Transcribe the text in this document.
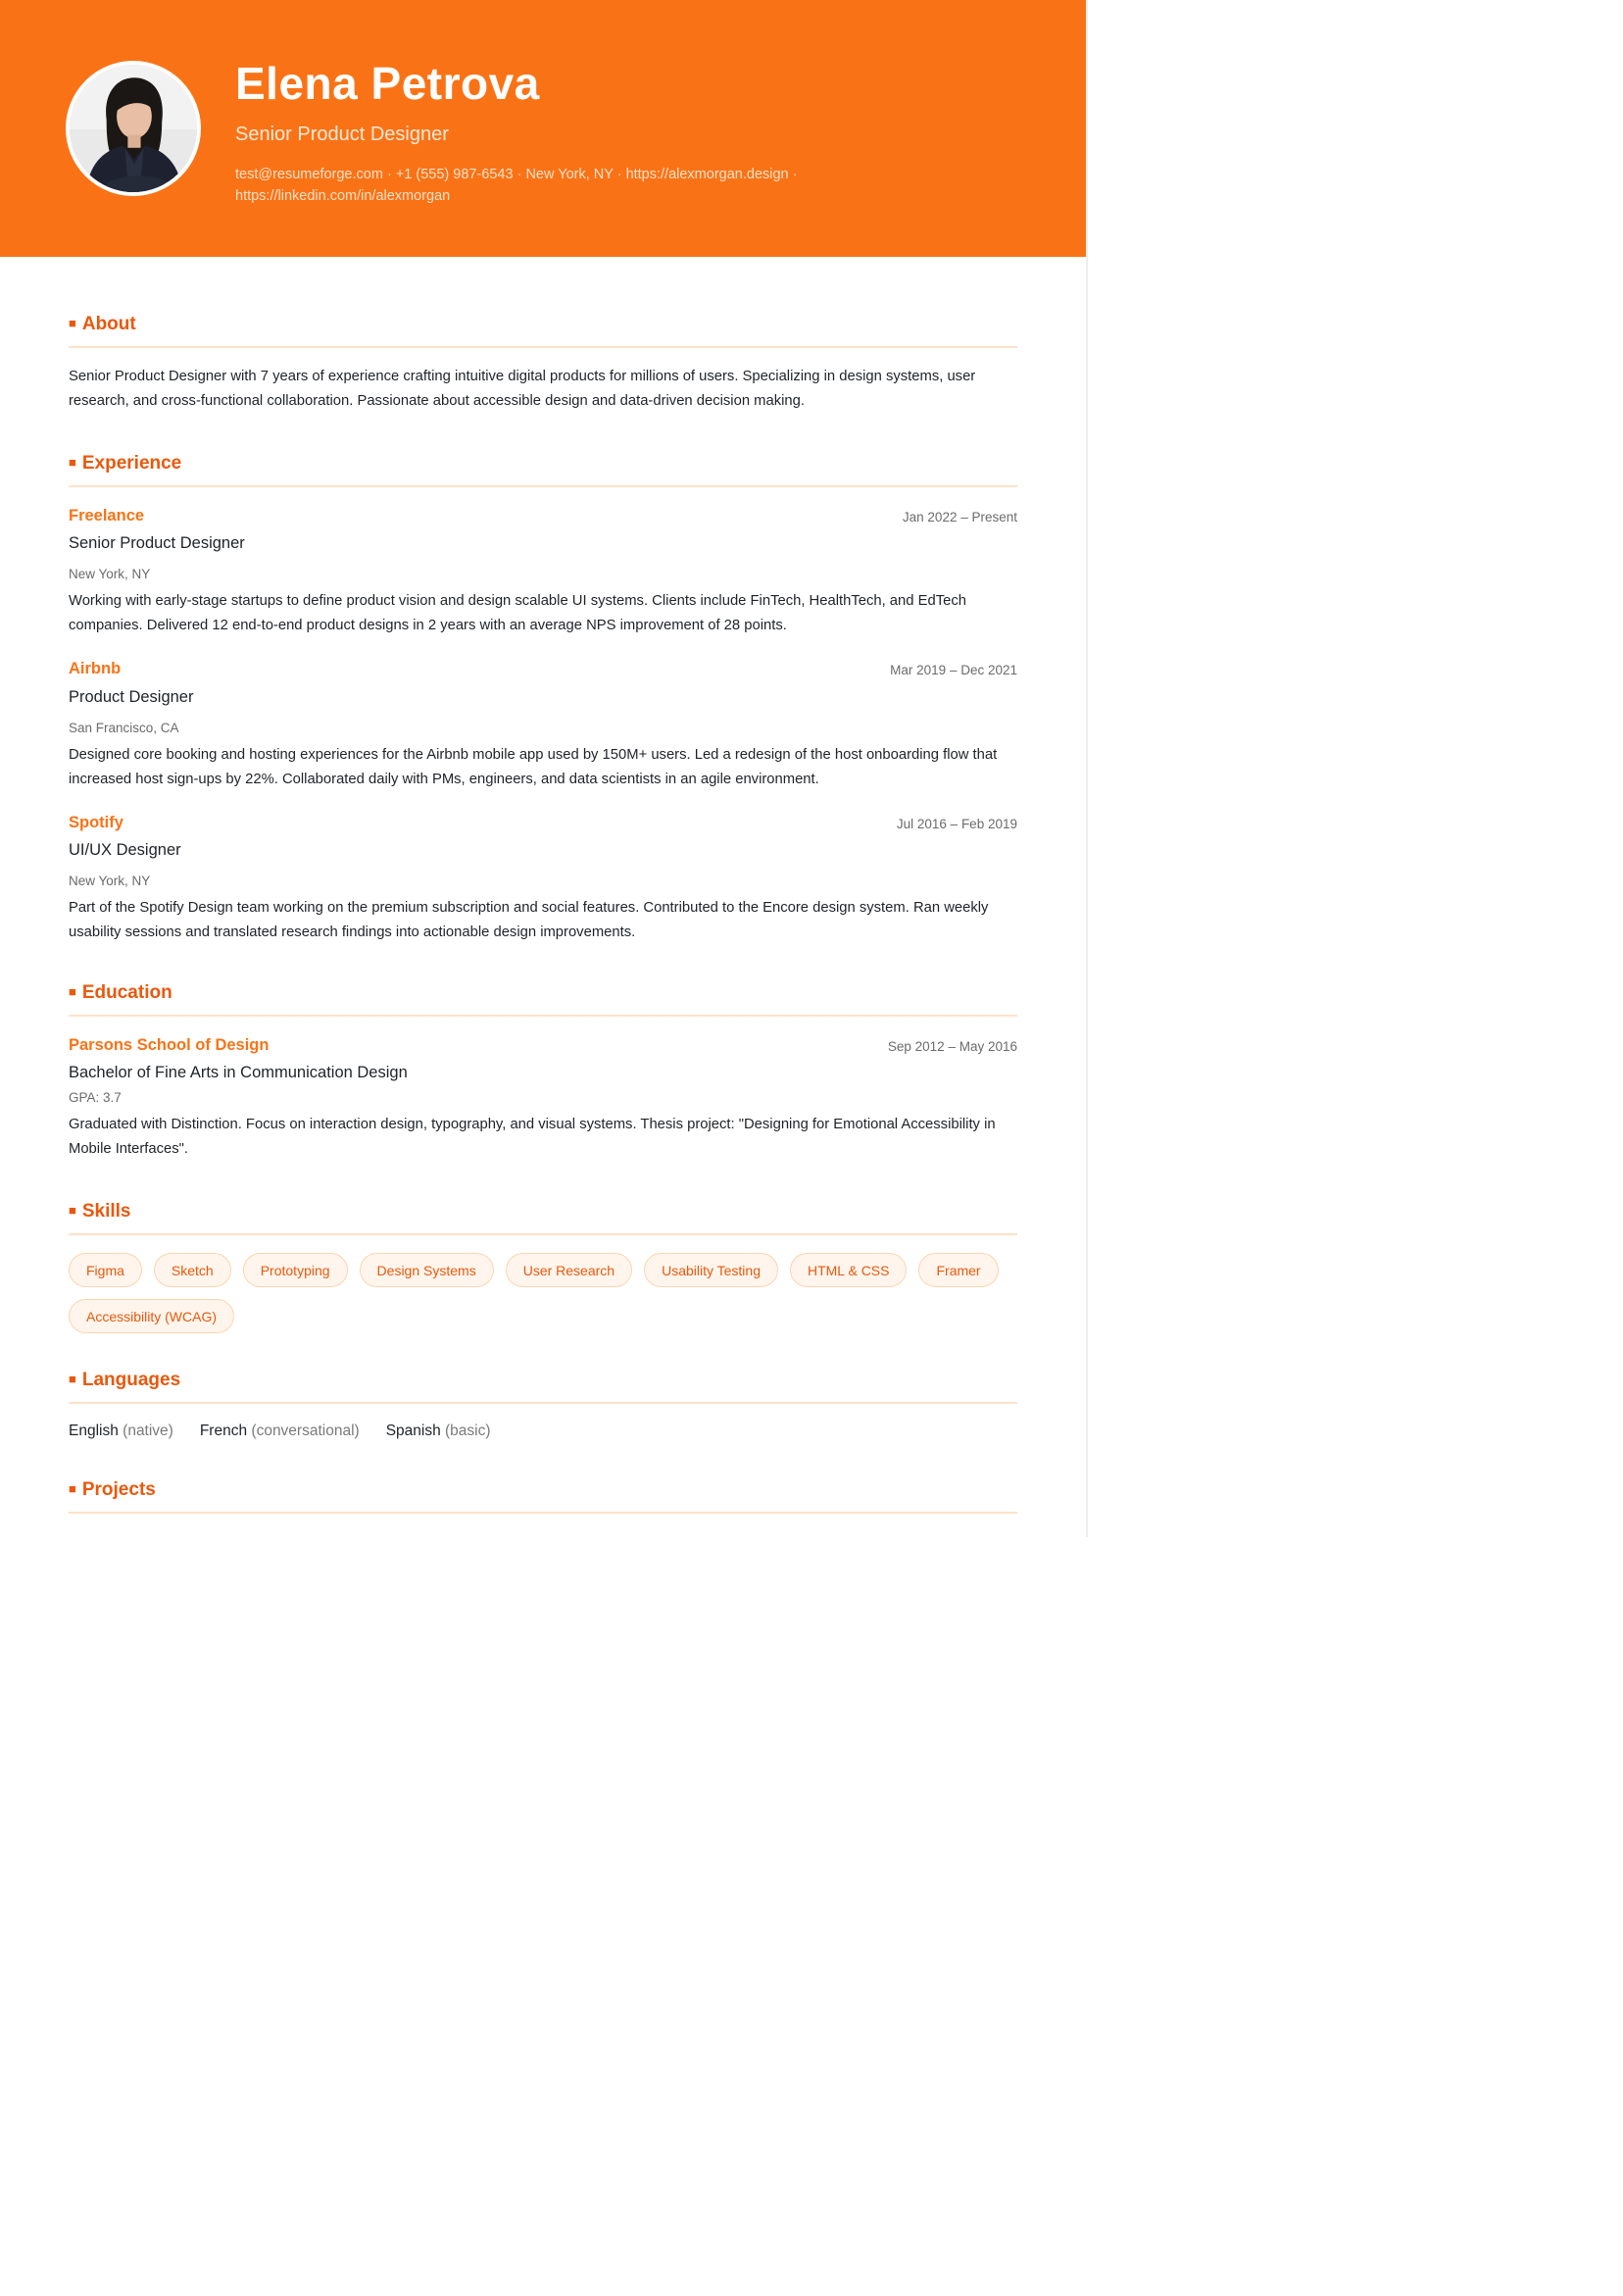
Elena Petrova
Senior Product Designer
test@resumeforge.com · +1 (555) 987-6543 · New York, NY · https://alexmorgan.design ·
https://linkedin.com/in/alexmorgan
■ About
Senior Product Designer with 7 years of experience crafting intuitive digital products for millions of users. Specializing in design systems, user research, and cross-functional collaboration. Passionate about accessible design and data-driven decision making.
■ Experience
Freelance	Jan 2022 – Present
Senior Product Designer
New York, NY
Working with early-stage startups to define product vision and design scalable UI systems. Clients include FinTech, HealthTech, and EdTech companies. Delivered 12 end-to-end product designs in 2 years with an average NPS improvement of 28 points.
Airbnb	Mar 2019 – Dec 2021
Product Designer
San Francisco, CA
Designed core booking and hosting experiences for the Airbnb mobile app used by 150M+ users. Led a redesign of the host onboarding flow that increased host sign-ups by 22%. Collaborated daily with PMs, engineers, and data scientists in an agile environment.
Spotify	Jul 2016 – Feb 2019
UI/UX Designer
New York, NY
Part of the Spotify Design team working on the premium subscription and social features. Contributed to the Encore design system. Ran weekly usability sessions and translated research findings into actionable design improvements.
■ Education
Parsons School of Design	Sep 2012 – May 2016
Bachelor of Fine Arts in Communication Design
GPA: 3.7
Graduated with Distinction. Focus on interaction design, typography, and visual systems. Thesis project: "Designing for Emotional Accessibility in Mobile Interfaces".
■ Skills
Figma	Sketch	Prototyping	Design Systems	User Research	Usability Testing	HTML & CSS	Framer
Accessibility (WCAG)
■ Languages
English (native) French (conversational) Spanish (basic)
■ Projects
